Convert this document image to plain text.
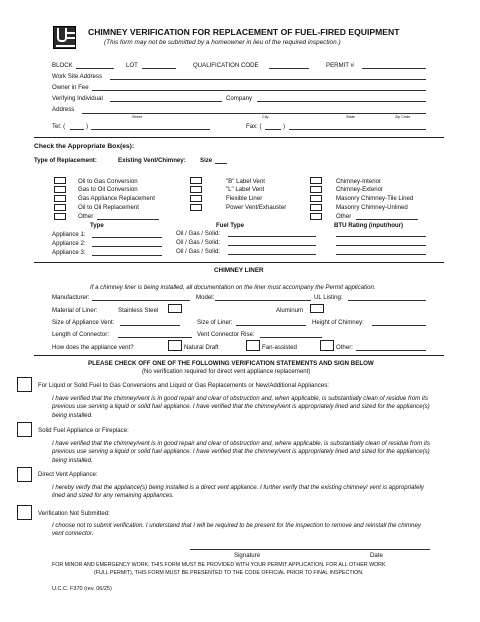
CHIMNEY VERIFICATION FOR REPLACEMENT OF FUEL-FIRED EQUIPMENT
(This form may not be submitted by a homeowner in lieu of the required inspection.)
BLOCK	LOT	QUALIFICATION CODE	PERMIT #
Work Site Address
Owner in Fee
Verifying Individual	Company
Address
Street	City	State	Zip Code
Tel: (	)	Fax: (	)
Check the Appropriate Box(es):
Type of Replacement:	Existing Vent/Chimney: Size
Oil to Gas Conversion
Gas to Oil Conversion
Gas Appliance Replacement
Oil to Oil Replacement
Other
"B" Label Vent
"L" Label Vent
Flexible Liner
Power Vent/Exhauster
Chimney-Interior
Chimney-Exterior
Masonry Chimney-Tile Lined
Masonry Chimney-Unlined
Other
Type	Fuel Type	BTU Rating (input/hour)
Appliance 1:	Oil / Gas / Solid:
Appliance 2:	Oil / Gas / Solid:
Appliance 3:	Oil / Gas / Solid:
CHIMNEY LINER
If a chimney liner is being installed, all documentation on the liner must accompany the Permit application.
Manufacturer:	Model:	UL Listing:
Material of Liner:	Stainless Steel	Aluminum
Size of Appliance Vent:	Size of Liner:	Height of Chimney:
Length of Connector:	Vent Connector Rise:
How does the appliance vent?	Natural Draft	Fan-assisted	Other:
PLEASE CHECK OFF ONE OF THE FOLLOWING VERIFICATION STATEMENTS AND SIGN BELOW
(No verification required for direct vent appliance replacement)
For Liquid or Solid Fuel to Gas Conversions and Liquid or Gas Replacements or New/Additional Appliances:
I have verified that the chimney/vent is in good repair and clear of obstruction and, when applicable, is substantially clean of residue from its previous use serving a liquid or solid fuel appliance. I have verified that the chimney/vent is appropriately lined and sized for the appliance(s) being installed.
Solid Fuel Appliance or Fireplace:
I have verified that the chimney/vent is in good repair and clear of obstruction and, where applicable, is substantially clean of residue from its previous use serving a liquid or solid fuel appliance. I have verified that the chimney/vent is appropriately lined and sized for the appliance(s) being installed.
Direct Vent Appliance:
I hereby verify that the appliance(s) being installed is a direct vent appliance. I further verify that the existing chimney/ vent is appropriately lined and sized for any remaining appliances.
Verification Not Submitted:
I choose not to submit verification. I understand that I will be required to be present for the inspection to remove and reinstall the chimney vent connector.
Signature	Date
FOR MINOR AND EMERGENCY WORK, THIS FORM MUST BE PROVIDED WITH YOUR PERMIT APPLICATION. FOR ALL OTHER WORK
(FULL PERMIT), THIS FORM MUST BE PRESENTED TO THE CODE OFFICIAL PRIOR TO FINAL INSPECTION.
U.C.C. F370 (rev. 06/25)
